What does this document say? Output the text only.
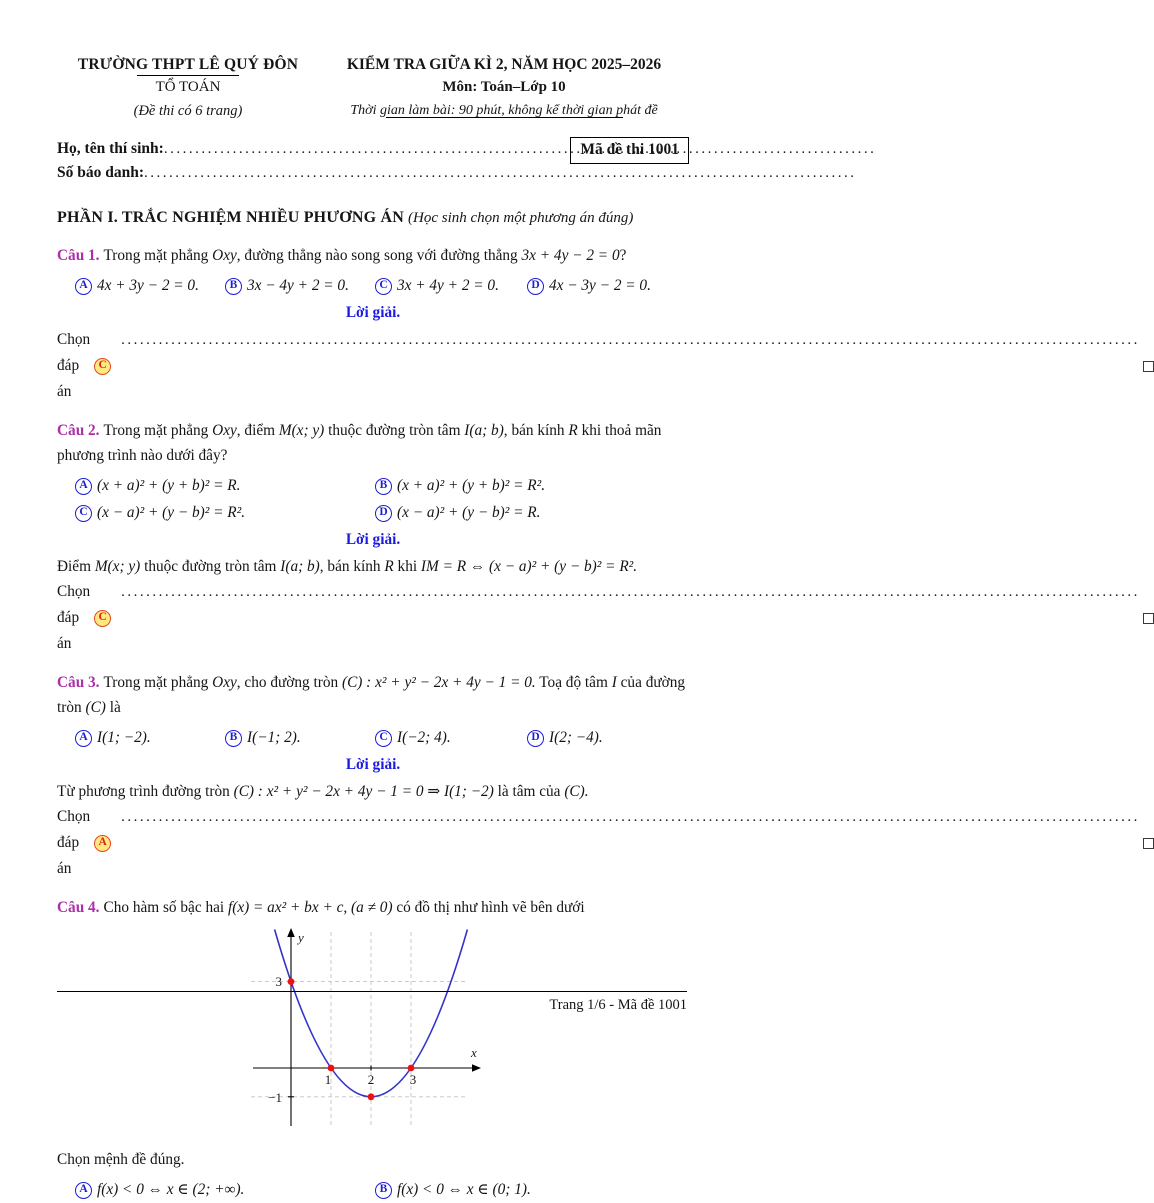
TRƯỜNG THPT LÊ QUÝ ĐÔN
TỔ TOÁN
(Đề thi có 6 trang)
KIỂM TRA GIỮA KÌ 2, NĂM HỌC 2025–2026
Môn: Toán–Lớp 10
Thời gian làm bài: 90 phút, không kể thời gian phát đề
Họ, tên thí sinh:
.....
Số báo danh:
.....
Mã đề thi 1001

PHẦN I. TRẮC NGHIỆM NHIỀU PHƯƠNG ÁN (Học sinh chọn một phương án đúng)

Câu 1. Trong mặt phẳng Oxy, đường thẳng nào song song với đường thẳng 3x + 4y − 2 = 0?

A 4x + 3y − 2 = 0.	B 3x − 4y + 2 = 0.	C 3x + 4y + 2 = 0.	D 4x − 3y − 2 = 0.

Lời giải.

Chọn đáp án
C
.....

Câu 2. Trong mặt phẳng Oxy, điểm M(x; y) thuộc đường tròn tâm I(a; b), bán kính R khi thoả mãn phương trình nào dưới đây?

A (x + a)² + (y + b)² = R.	B (x + a)² + (y + b)² = R².
C (x − a)² + (y − b)² = R².	D (x − a)² + (y − b)² = R.

Lời giải.

Điểm M(x; y) thuộc đường tròn tâm I(a; b), bán kính R khi IM = R ⇔ (x − a)² + (y − b)² = R².

Chọn đáp án
C
.....

Câu 3. Trong mặt phẳng Oxy, cho đường tròn (C) : x² + y² − 2x + 4y − 1 = 0. Toạ độ tâm I của đường tròn (C) là

A I(1; −2).	B I(−1; 2).	C I(−2; 4).	D I(2; −4).

Lời giải.

Từ phương trình đường tròn (C) : x² + y² − 2x + 4y − 1 = 0 ⇒ I(1; −2) là tâm của (C).

Chọn đáp án
A
.....

Câu 4. Cho hàm số bậc hai f(x) = ax² + bx + c, (a ≠ 0) có đồ thị như hình vẽ bên dưới

3
−1
1	2	3
x
y

Chọn mệnh đề đúng.

A f(x) < 0 ⇔ x ∈ (2; +∞).	B f(x) < 0 ⇔ x ∈ (0; 1).
Trang 1/6 - Mã đề 1001
